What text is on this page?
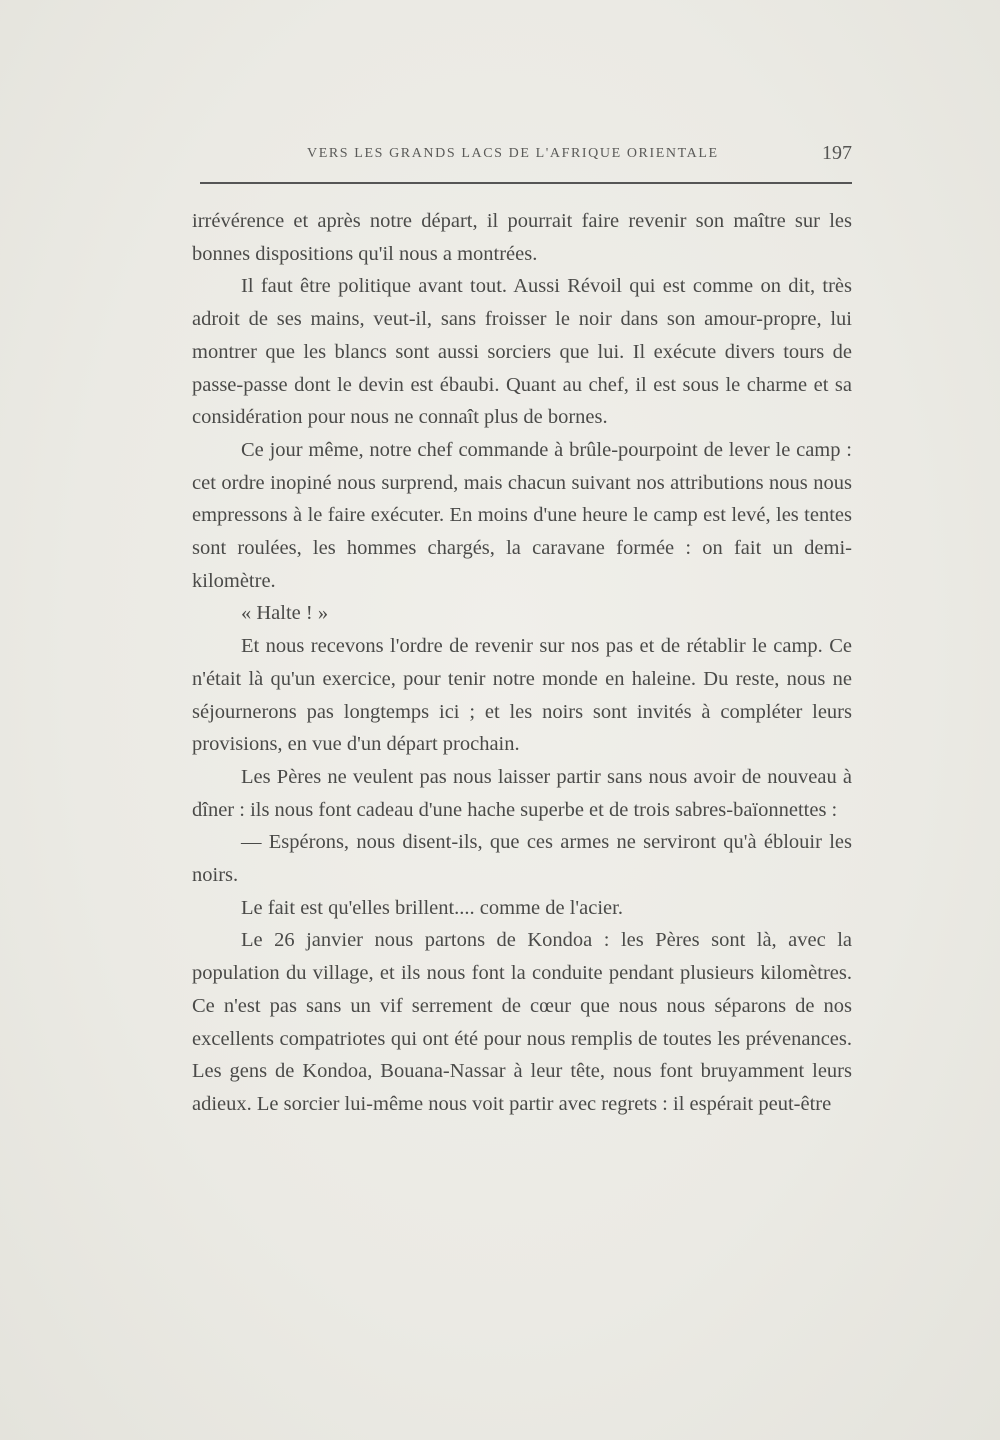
VERS LES GRANDS LACS DE L'AFRIQUE ORIENTALE	197

irrévérence et après notre départ, il pourrait faire revenir son maître sur les bonnes dispositions qu'il nous a montrées.

Il faut être politique avant tout. Aussi Révoil qui est comme on dit, très adroit de ses mains, veut-il, sans froisser le noir dans son amour-propre, lui montrer que les blancs sont aussi sorciers que lui. Il exécute divers tours de passe-passe dont le devin est ébaubi. Quant au chef, il est sous le charme et sa considération pour nous ne connaît plus de bornes.

Ce jour même, notre chef commande à brûle-pourpoint de lever le camp : cet ordre inopiné nous surprend, mais chacun suivant nos attributions nous nous empressons à le faire exécuter. En moins d'une heure le camp est levé, les tentes sont roulées, les hommes chargés, la caravane formée : on fait un demi-kilomètre.

« Halte ! »

Et nous recevons l'ordre de revenir sur nos pas et de rétablir le camp. Ce n'était là qu'un exercice, pour tenir notre monde en haleine. Du reste, nous ne séjournerons pas longtemps ici ; et les noirs sont invités à compléter leurs provisions, en vue d'un départ prochain.

Les Pères ne veulent pas nous laisser partir sans nous avoir de nouveau à dîner : ils nous font cadeau d'une hache superbe et de trois sabres-baïonnettes :

— Espérons, nous disent-ils, que ces armes ne serviront qu'à éblouir les noirs.

Le fait est qu'elles brillent.... comme de l'acier.

Le 26 janvier nous partons de Kondoa : les Pères sont là, avec la population du village, et ils nous font la conduite pendant plusieurs kilomètres. Ce n'est pas sans un vif serrement de cœur que nous nous séparons de nos excellents compatriotes qui ont été pour nous remplis de toutes les prévenances. Les gens de Kondoa, Bouana-Nassar à leur tête, nous font bruyamment leurs adieux. Le sorcier lui-même nous voit partir avec regrets : il espérait peut-être
